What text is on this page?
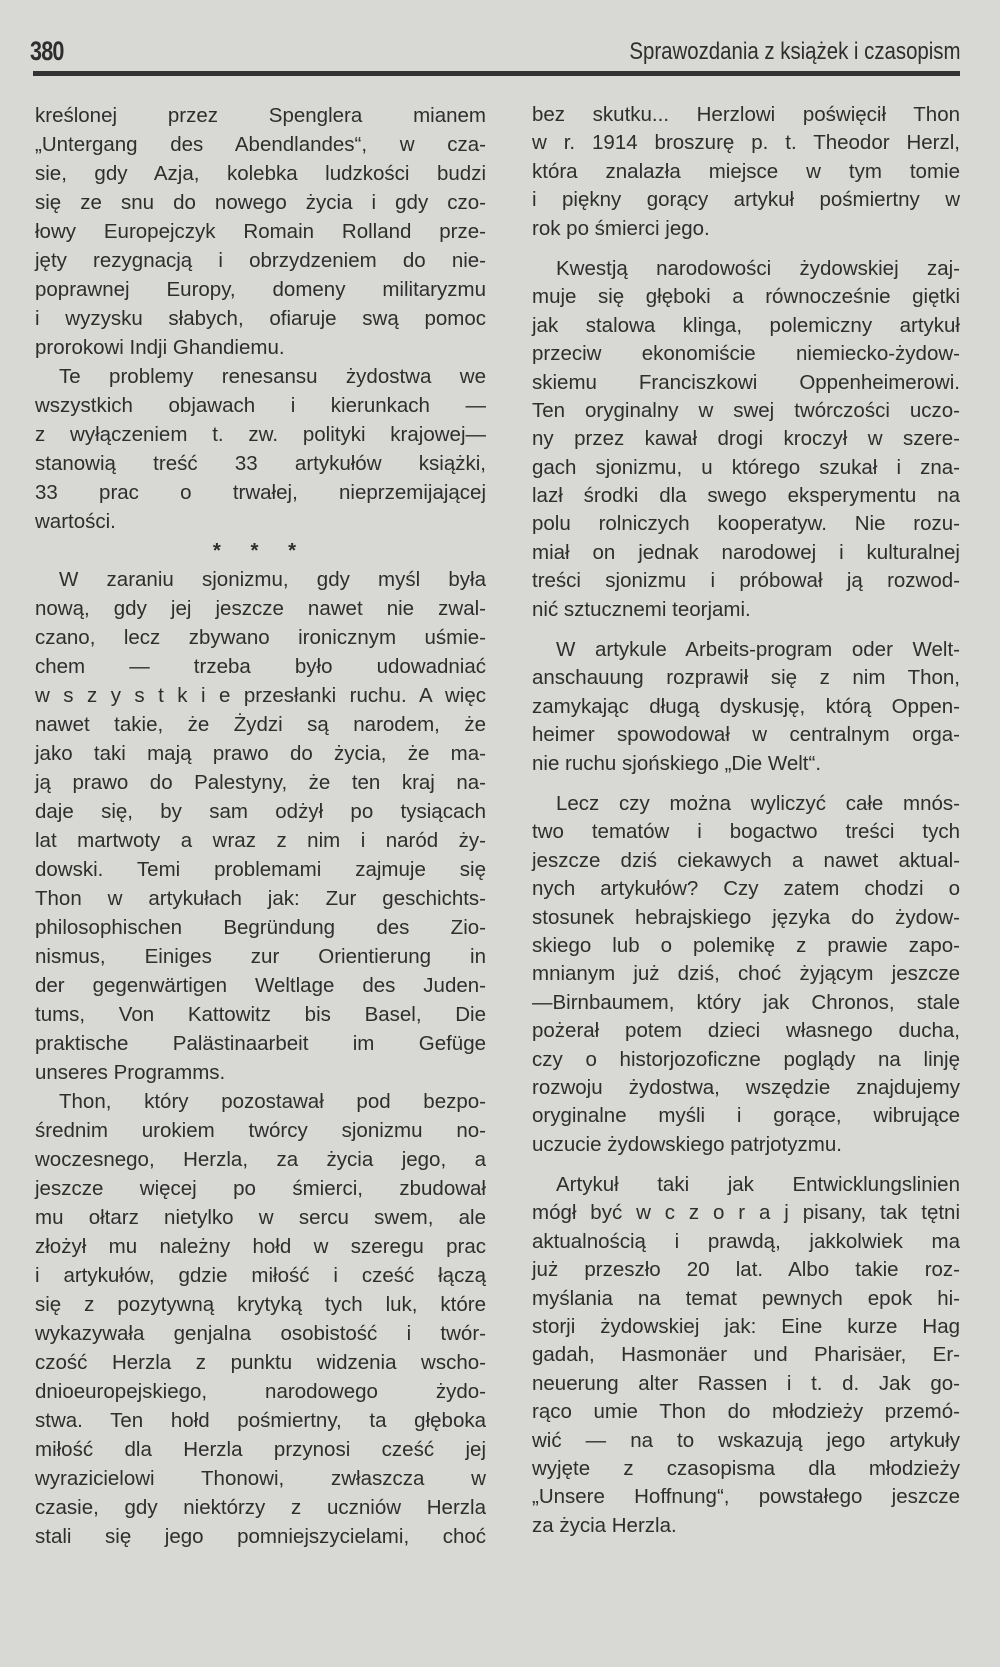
380	Sprawozdania z książek i czasopism
kreślonej przez Spenglera mianem
„Untergang des Abendlandes“, w cza-
sie, gdy Azja, kolebka ludzkości budzi
się ze snu do nowego życia i gdy czo-
łowy Europejczyk Romain Rolland prze-
jęty rezygnacją i obrzydzeniem do nie-
poprawnej Europy, domeny militaryzmu
i wyzysku słabych, ofiaruje swą pomoc
prorokowi Indji Ghandiemu.
Te problemy renesansu żydostwa we
wszystkich objawach i kierunkach —
z wyłączeniem t. zw. polityki krajowej—
stanowią treść 33 artykułów książki,
33 prac o trwałej, nieprzemijającej
wartości.
* * *
W zaraniu sjonizmu, gdy myśl była
nową, gdy jej jeszcze nawet nie zwal-
czano, lecz zbywano ironicznym uśmie-
chem — trzeba było udowadniać
w s z y s t k i e przesłanki ruchu. A więc
nawet takie, że Żydzi są narodem, że
jako taki mają prawo do życia, że ma-
ją prawo do Palestyny, że ten kraj na-
daje się, by sam odżył po tysiącach
lat martwoty a wraz z nim i naród ży-
dowski. Temi problemami zajmuje się
Thon w artykułach jak: Zur geschichts-
philosophischen Begründung des Zio-
nismus, Einiges zur Orientierung in
der gegenwärtigen Weltlage des Juden-
tums, Von Kattowitz bis Basel, Die
praktische Palästinaarbeit im Gefüge
unseres Programms.
Thon, który pozostawał pod bezpo-
średnim urokiem twórcy sjonizmu no-
woczesnego, Herzla, za życia jego, a
jeszcze więcej po śmierci, zbudował
mu ołtarz nietylko w sercu swem, ale
złożył mu należny hołd w szeregu prac
i artykułów, gdzie miłość i cześć łączą
się z pozytywną krytyką tych luk, które
wykazywała genjalna osobistość i twór-
czość Herzla z punktu widzenia wscho-
dnioeuropejskiego, narodowego żydo-
stwa. Ten hołd pośmiertny, ta głęboka
miłość dla Herzla przynosi cześć jej
wyrazicielowi Thonowi, zwłaszcza w
czasie, gdy niektórzy z uczniów Herzla
stali się jego pomniejszycielami, choć
bez skutku... Herzlowi poświęcił Thon
w r. 1914 broszurę p. t. Theodor Herzl,
która znalazła miejsce w tym tomie
i piękny gorący artykuł pośmiertny w
rok po śmierci jego.
Kwestją narodowości żydowskiej zaj-
muje się głęboki a równocześnie giętki
jak stalowa klinga, polemiczny artykuł
przeciw ekonomiście niemiecko-żydow-
skiemu Franciszkowi Oppenheimerowi.
Ten oryginalny w swej twórczości uczo-
ny przez kawał drogi kroczył w szere-
gach sjonizmu, u którego szukał i zna-
lazł środki dla swego eksperymentu na
polu rolniczych kooperatyw. Nie rozu-
miał on jednak narodowej i kulturalnej
treści sjonizmu i próbował ją rozwod-
nić sztucznemi teorjami.
W artykule Arbeits-program oder Welt-
anschauung rozprawił się z nim Thon,
zamykając długą dyskusję, którą Oppen-
heimer spowodował w centralnym orga-
nie ruchu sjońskiego „Die Welt“.
Lecz czy można wyliczyć całe mnós-
two tematów i bogactwo treści tych
jeszcze dziś ciekawych a nawet aktual-
nych artykułów? Czy zatem chodzi o
stosunek hebrajskiego języka do żydow-
skiego lub o polemikę z prawie zapo-
mnianym już dziś, choć żyjącym jeszcze
—Birnbaumem, który jak Chronos, stale
pożerał potem dzieci własnego ducha,
czy o historjozoficzne poglądy na linję
rozwoju żydostwa, wszędzie znajdujemy
oryginalne myśli i gorące, wibrujące
uczucie żydowskiego patrjotyzmu.
Artykuł taki jak Entwicklungslinien
mógł być w c z o r a j pisany, tak tętni
aktualnością i prawdą, jakkolwiek ma
już przeszło 20 lat. Albo takie roz-
myślania na temat pewnych epok hi-
storji żydowskiej jak: Eine kurze Hag
gadah, Hasmonäer und Pharisäer, Er-
neuerung alter Rassen i t. d. Jak go-
rąco umie Thon do młodzieży przemó-
wić — na to wskazują jego artykuły
wyjęte z czasopisma dla młodzieży
„Unsere Hoffnung“, powstałego jeszcze
za życia Herzla.
